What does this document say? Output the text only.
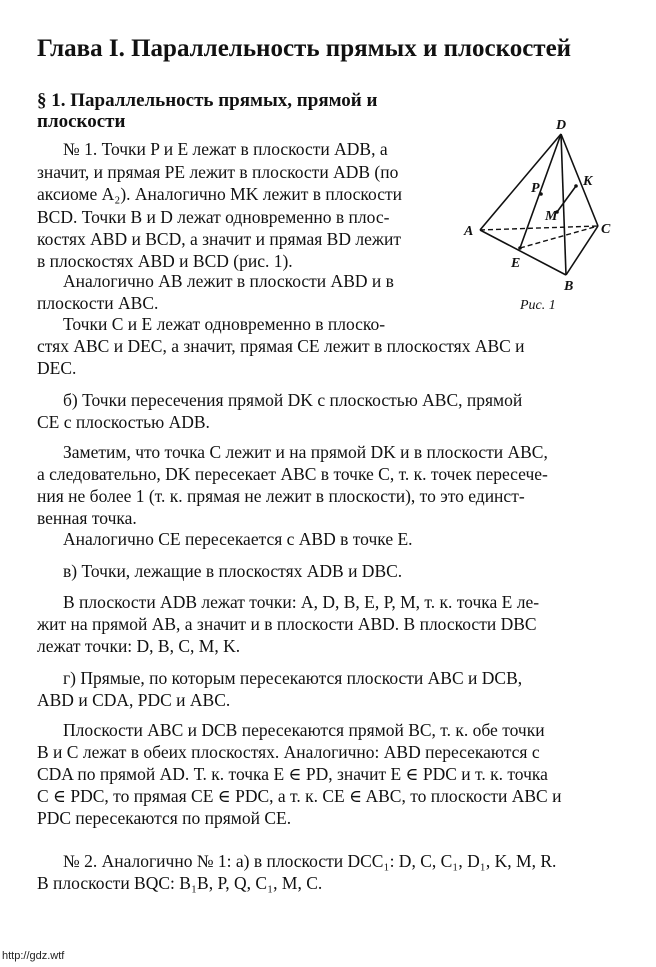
Глава I. Параллельность прямых и плоскостей
§ 1. Параллельность прямых, прямой и
плоскости
№ 1. Точки P и E лежат в плоскости ADB, а
значит, и прямая PE лежит в плоскости ADB (по
аксиоме A₂). Аналогично MK лежит в плоскости
BCD. Точки B и D лежат одновременно в плос-
костях ABD и BCD, а значит и прямая BD лежит
в плоскостях ABD и BCD (рис. 1).
Аналогично AB лежит в плоскости ABD и в
плоскости ABC.
Точки C и E лежат одновременно в плоско-
стях ABC и DEC, а значит, прямая CE лежит в плоскостях ABC и
DEC.
б) Точки пересечения прямой DK с плоскостью ABC, прямой
CE с плоскостью ADB.
Заметим, что точка C лежит и на прямой DK и в плоскости ABC,
а следовательно, DK пересекает ABC в точке C, т. к. точек пересече-
ния не более 1 (т. к. прямая не лежит в плоскости), то это единст-
венная точка.
Аналогично CE пересекается с ABD в точке E.
в) Точки, лежащие в плоскостях ADB и DBC.
В плоскости ADB лежат точки: A, D, B, E, P, M, т. к. точка E ле-
жит на прямой AB, а значит и в плоскости ABD. В плоскости DBC
лежат точки: D, B, C, M, K.
г) Прямые, по которым пересекаются плоскости ABC и DCB,
ABD и CDA, PDC и ABC.
Плоскости ABC и DCB пересекаются прямой BC, т. к. обе точки
B и C лежат в обеих плоскостях. Аналогично: ABD пересекаются с
CDA по прямой AD. Т. к. точка E ∈ PD, значит E ∈ PDC и т. к. точка
C ∈ PDC, то прямая CE ∈ PDC, а т. к. CE ∈ ABC, то плоскости ABC и
PDC пересекаются по прямой CE.
№ 2. Аналогично № 1: а) в плоскости DCC₁: D, C, C₁, D₁, K, M, R.
В плоскости BQC: B₁B, P, Q, C₁, M, C.
D
K
P
M
A	C
E
B
Рис. 1
http://gdz.wtf
